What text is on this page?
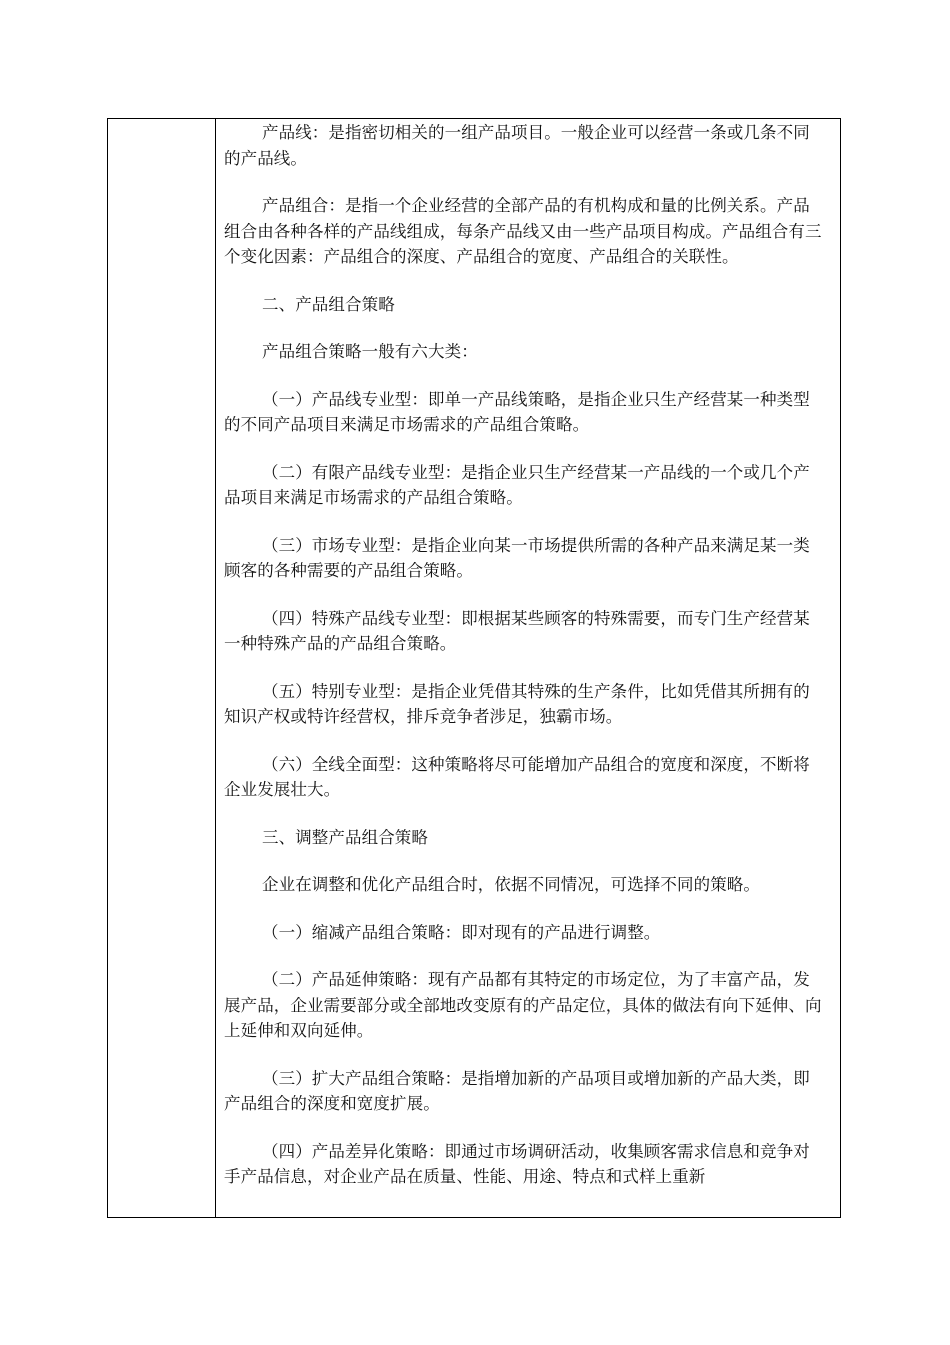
产品线：是指密切相关的一组产品项目。一般企业可以经营一条或几条不同的产品线。

产品组合：是指一个企业经营的全部产品的有机构成和量的比例关系。产品组合由各种各样的产品线组成，每条产品线又由一些产品项目构成。产品组合有三个变化因素：产品组合的深度、产品组合的宽度、产品组合的关联性。

二、产品组合策略

产品组合策略一般有六大类：

（一）产品线专业型：即单一产品线策略，是指企业只生产经营某一种类型的不同产品项目来满足市场需求的产品组合策略。

（二）有限产品线专业型：是指企业只生产经营某一产品线的一个或几个产品项目来满足市场需求的产品组合策略。

（三）市场专业型：是指企业向某一市场提供所需的各种产品来满足某一类顾客的各种需要的产品组合策略。

（四）特殊产品线专业型：即根据某些顾客的特殊需要，而专门生产经营某一种特殊产品的产品组合策略。

（五）特别专业型：是指企业凭借其特殊的生产条件，比如凭借其所拥有的知识产权或特许经营权，排斥竞争者涉足，独霸市场。

（六）全线全面型：这种策略将尽可能增加产品组合的宽度和深度，不断将企业发展壮大。

三、调整产品组合策略

企业在调整和优化产品组合时，依据不同情况，可选择不同的策略。

（一）缩减产品组合策略：即对现有的产品进行调整。

（二）产品延伸策略：现有产品都有其特定的市场定位，为了丰富产品，发展产品，企业需要部分或全部地改变原有的产品定位，具体的做法有向下延伸、向上延伸和双向延伸。

（三）扩大产品组合策略：是指增加新的产品项目或增加新的产品大类，即产品组合的深度和宽度扩展。

（四）产品差异化策略：即通过市场调研活动，收集顾客需求信息和竞争对手产品信息，对企业产品在质量、性能、用途、特点和式样上重新
